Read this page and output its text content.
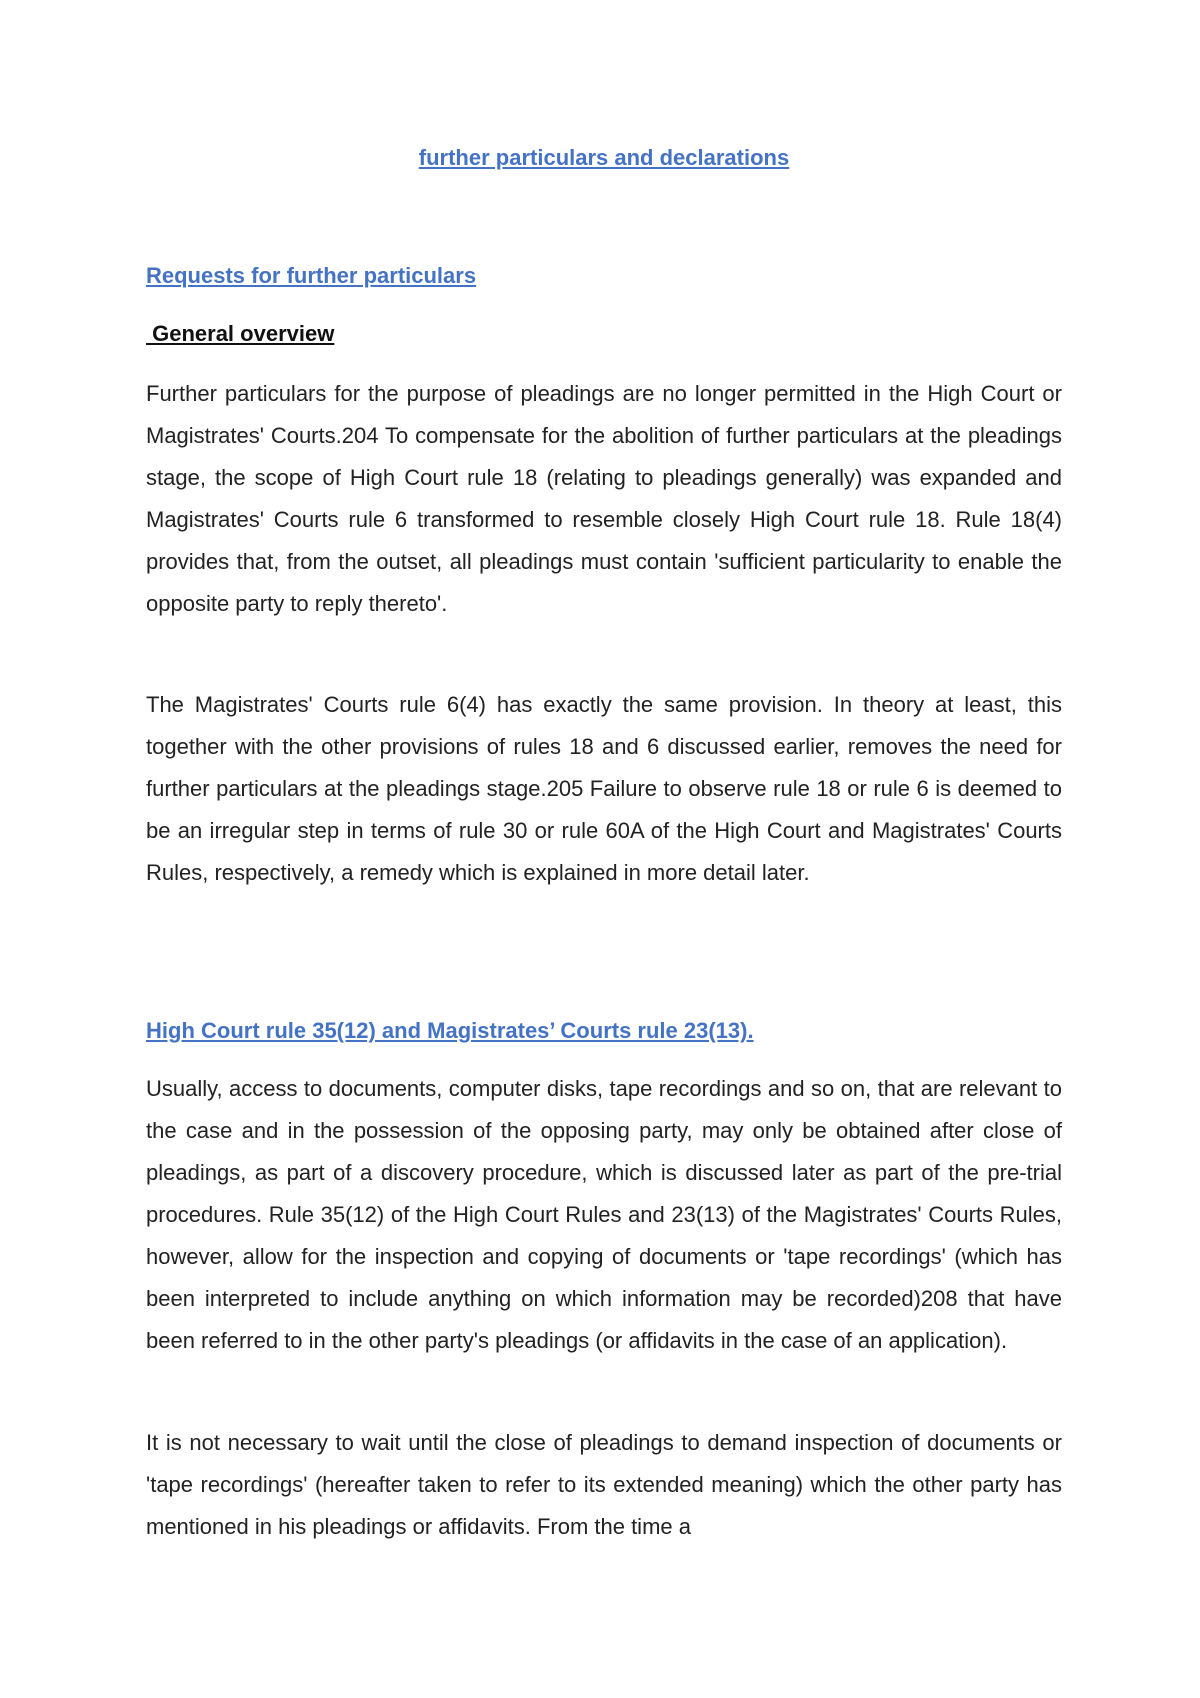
further particulars and declarations
Requests for further particulars
General overview

Further particulars for the purpose of pleadings are no longer permitted in the High Court or Magistrates' Courts.204 To compensate for the abolition of further particulars at the pleadings stage, the scope of High Court rule 18 (relating to pleadings generally) was expanded and Magistrates' Courts rule 6 transformed to resemble closely High Court rule 18. Rule 18(4) provides that, from the outset, all pleadings must contain 'sufficient particularity to enable the opposite party to reply thereto'.

The Magistrates' Courts rule 6(4) has exactly the same provision. In theory at least, this together with the other provisions of rules 18 and 6 discussed earlier, removes the need for further particulars at the pleadings stage.205 Failure to observe rule 18 or rule 6 is deemed to be an irregular step in terms of rule 30 or rule 60A of the High Court and Magistrates' Courts Rules, respectively, a remedy which is explained in more detail later.

High Court rule 35(12) and Magistrates’ Courts rule 23(13).

Usually, access to documents, computer disks, tape recordings and so on, that are relevant to the case and in the possession of the opposing party, may only be obtained after close of pleadings, as part of a discovery procedure, which is discussed later as part of the pre-trial procedures. Rule 35(12) of the High Court Rules and 23(13) of the Magistrates' Courts Rules, however, allow for the inspection and copying of documents or 'tape recordings' (which has been interpreted to include anything on which information may be recorded)208 that have been referred to in the other party's pleadings (or affidavits in the case of an application).

It is not necessary to wait until the close of pleadings to demand inspection of documents or 'tape recordings' (hereafter taken to refer to its extended meaning) which the other party has mentioned in his pleadings or affidavits. From the time a
